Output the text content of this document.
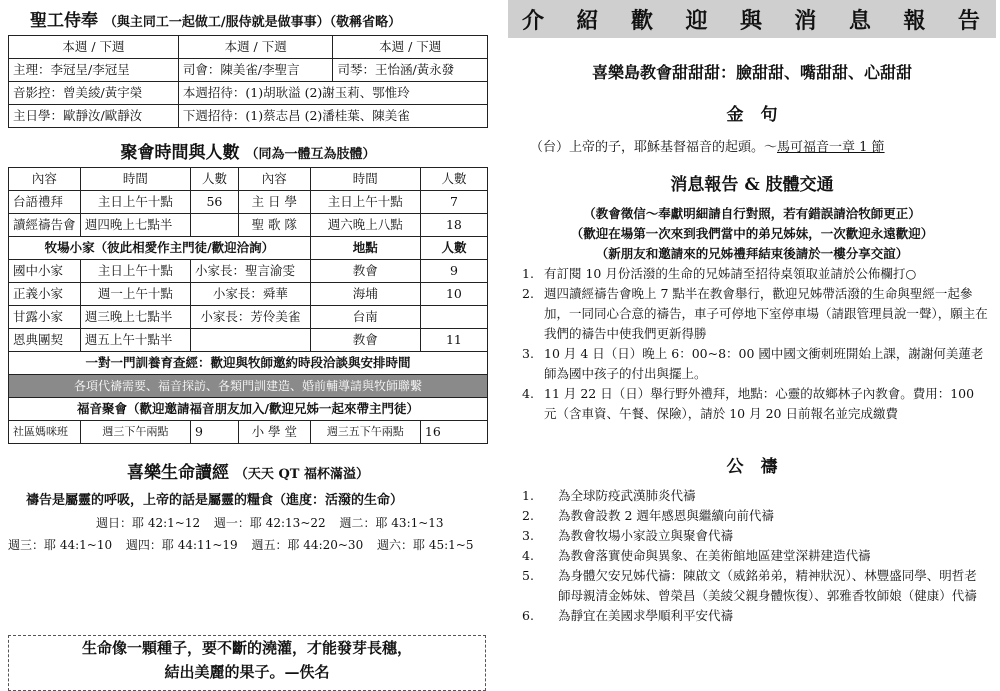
聖工侍奉 （與主同工一起做工/服侍就是做事事）（敬稱省略）
本週 / 下週	本週 / 下週	本週 / 下週
主理：李冠呈/李冠呈	司會：陳美雀/李聖言	司琴：王怡涵/黃永發
音影控：曾美綾/黃宇榮	本週招待：(1)胡耿溢 (2)謝玉莉、鄂惟玲	
主日學：歐靜汝/歐靜汝	下週招待：(1)蔡志昌 (2)潘桂葉、陳美雀	
聚會時間與人數 （同為一體互為肢體）
內容	時間	人數	內容	時間	人數
台語禮拜	主日上午十點	56	主 日 學	主日上午十點	7
讀經禱告會	週四晚上七點半		聖 歌 隊	週六晚上八點	18
牧場小家（彼此相愛作主門徒/歡迎洽詢）				地點	人數
國中小家	主日上午十點	小家長：聖言渝雯		教會	9
正義小家	週一上午十點	小家長：舜華		海埔	10
甘露小家	週三晚上七點半	小家長：芳伶美雀		台南	
恩典團契	週五上午十點半			教會	11
一對一門訓養育查經：歡迎與牧師邀約時段洽談與安排時間					
各項代禱需要、福音探訪、各類門訓建造、婚前輔導請與牧師聯繫					
福音聚會（歡迎邀請福音朋友加入/歡迎兄姊一起來帶主門徒）					
社區媽咪班	週三下午兩點	9	小 學 堂	週三五下午兩點	16
喜樂生命讀經 （天天 QT 福杯滿溢）
禱告是屬靈的呼吸，上帝的話是屬靈的糧食（進度：活潑的生命）
週日：耶 42:1~12 週一：耶 42:13~22 週二：耶 43:1~13
週三：耶 44:1~10 週四：耶 44:11~19 週五：耶 44:20~30 週六：耶 45:1~5
生命像一顆種子，要不斷的澆灌，才能發芽長穗，
結出美麗的果子。—佚名
介 紹 歡 迎 與 消 息 報 告
喜樂島教會甜甜甜：臉甜甜、嘴甜甜、心甜甜
金　句
（台）上帝的子，耶穌基督福音的起頭。～馬可福音一章 1 節
消息報告 & 肢體交通
（教會徵信～奉獻明細請自行對照，若有錯誤請洽牧師更正）
（歡迎在場第一次來到我們當中的弟兄姊妹，一次歡迎永遠歡迎）
（新朋友和邀請來的兄姊禮拜結束後請於一樓分享交誼）
1. 有訂閱 10 月份活潑的生命的兄姊請至招待桌領取並請於公佈欄打○
2. 週四讀經禱告會晚上 7 點半在教會舉行，歡迎兄姊帶活潑的生命與聖經一起參加，一同同心合意的禱告，車子可停地下室停車場（請跟管理員說一聲），願主在我們的禱告中使我們更新得勝
3. 10 月 4 日（日）晚上 6：00~8：00 國中國文衝刺班開始上課，謝謝何美蓮老師為國中孩子的付出與擺上。
4. 11 月 22 日（日）舉行野外禮拜，地點：心靈的故鄉林子內教會。費用：100 元（含車資、午餐、保險），請於 10 月 20 日前報名並完成繳費
公　禱
1.	為全球防疫武漢肺炎代禱
2.	為教會設教 2 週年感恩與繼續向前代禱
3.	為教會牧場小家設立與聚會代禱
4.	為教會落實使命與異象、在美術館地區建堂深耕建造代禱
5.	為身體欠安兄姊代禱：陳啟文（威銘弟弟，精神狀況）、林豐盛同學、明哲老師母親清金姊妹、曾榮昌（美綾父親身體恢復）、郭雅香牧師娘（健康）代禱
6.	為靜宜在美國求學順利平安代禱
